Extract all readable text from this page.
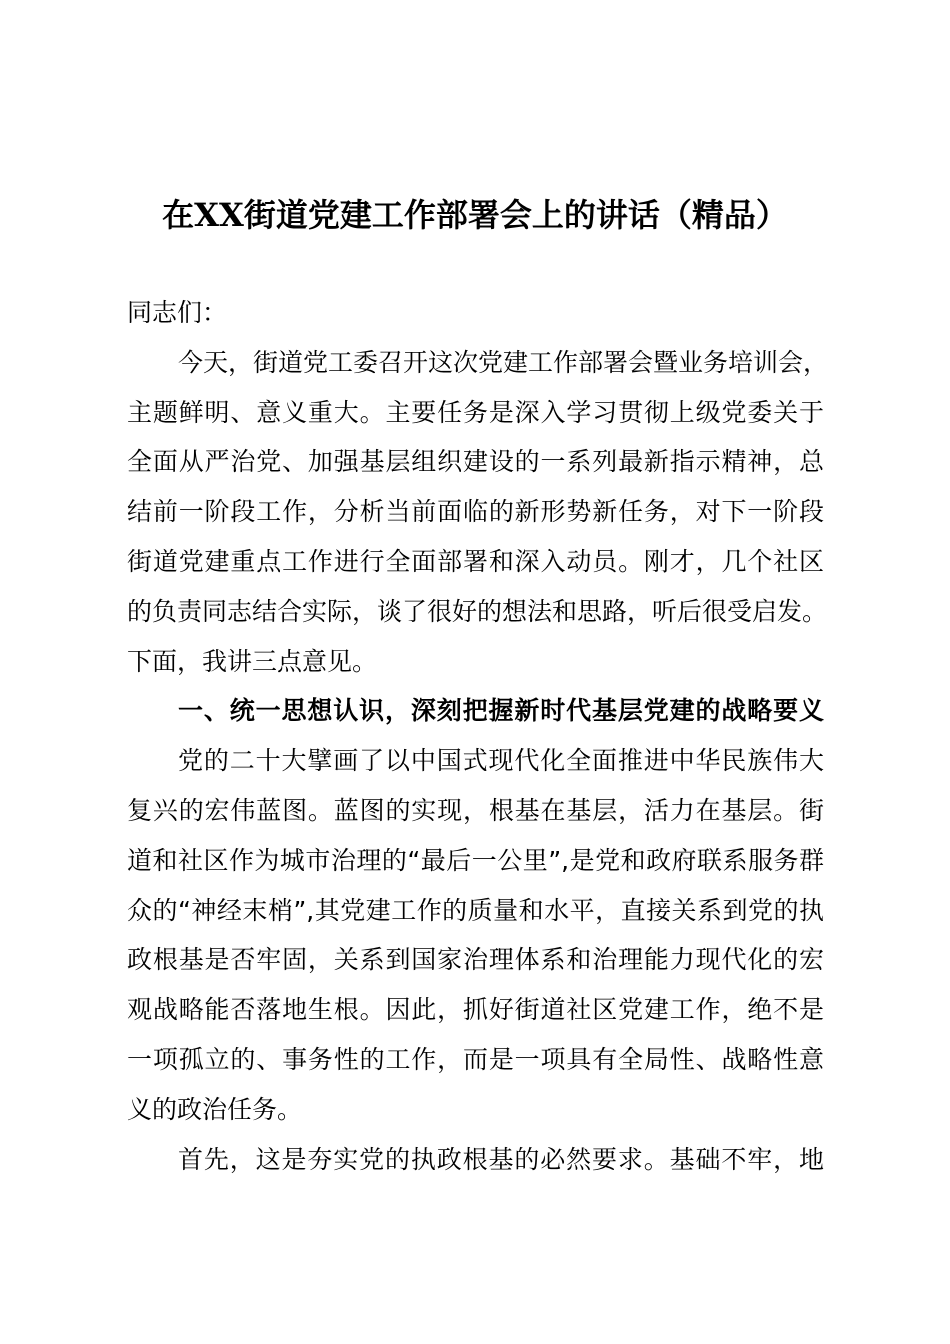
在XX街道党建工作部署会上的讲话（精品）
同志们：
今天，街道党工委召开这次党建工作部署会暨业务培训会，
主题鲜明、意义重大。主要任务是深入学习贯彻上级党委关于
全面从严治党、加强基层组织建设的一系列最新指示精神，总
结前一阶段工作，分析当前面临的新形势新任务，对下一阶段
街道党建重点工作进行全面部署和深入动员。刚才，几个社区
的负责同志结合实际，谈了很好的想法和思路，听后很受启发。
下面，我讲三点意见。
一、统一思想认识，深刻把握新时代基层党建的战略要义
党的二十大擘画了以中国式现代化全面推进中华民族伟大
复兴的宏伟蓝图。蓝图的实现，根基在基层，活力在基层。街
道和社区作为城市治理的“最后一公里”,是党和政府联系服务群
众的“神经末梢”,其党建工作的质量和水平，直接关系到党的执
政根基是否牢固，关系到国家治理体系和治理能力现代化的宏
观战略能否落地生根。因此，抓好街道社区党建工作，绝不是
一项孤立的、事务性的工作，而是一项具有全局性、战略性意
义的政治任务。
首先，这是夯实党的执政根基的必然要求。基础不牢，地
